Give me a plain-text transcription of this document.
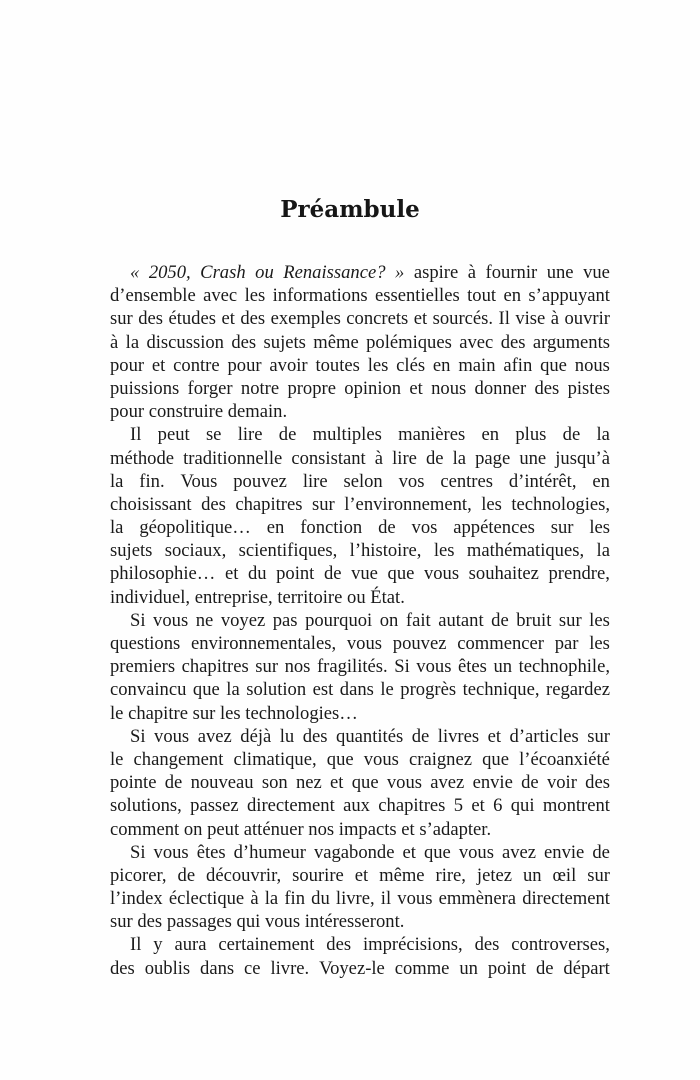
Préambule
« 2050, Crash ou Renaissance? » aspire à fournir une vue
d’ensemble avec les informations essentielles tout en s’appuyant
sur des études et des exemples concrets et sourcés. Il vise à ouvrir
à la discussion des sujets même polémiques avec des arguments
pour et contre pour avoir toutes les clés en main afin que nous
puissions forger notre propre opinion et nous donner des pistes
pour construire demain.
Il peut se lire de multiples manières en plus de la
méthode traditionnelle consistant à lire de la page une jusqu’à
la fin. Vous pouvez lire selon vos centres d’intérêt, en
choisissant des chapitres sur l’environnement, les technologies,
la géopolitique… en fonction de vos appétences sur les
sujets sociaux, scientifiques, l’histoire, les mathématiques, la
philosophie… et du point de vue que vous souhaitez prendre,
individuel, entreprise, territoire ou État.
Si vous ne voyez pas pourquoi on fait autant de bruit sur les
questions environnementales, vous pouvez commencer par les
premiers chapitres sur nos fragilités. Si vous êtes un technophile,
convaincu que la solution est dans le progrès technique, regardez
le chapitre sur les technologies…
Si vous avez déjà lu des quantités de livres et d’articles sur
le changement climatique, que vous craignez que l’écoanxiété
pointe de nouveau son nez et que vous avez envie de voir des
solutions, passez directement aux chapitres 5 et 6 qui montrent
comment on peut atténuer nos impacts et s’adapter.
Si vous êtes d’humeur vagabonde et que vous avez envie de
picorer, de découvrir, sourire et même rire, jetez un œil sur
l’index éclectique à la fin du livre, il vous emmènera directement
sur des passages qui vous intéresseront.
Il y aura certainement des imprécisions, des controverses,
des oublis dans ce livre. Voyez-le comme un point de départ
